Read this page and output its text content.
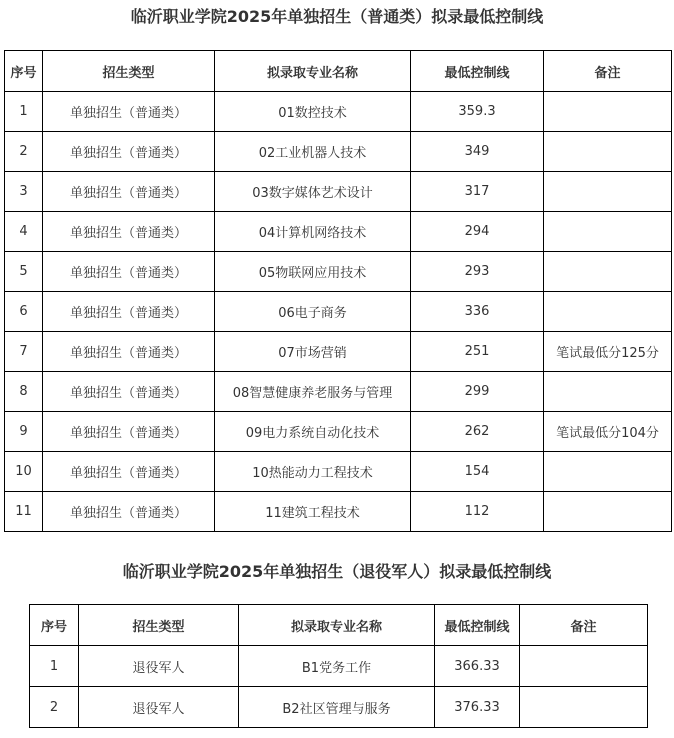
临沂职业学院2025年单独招生（普通类）拟录最低控制线
序号	招生类型	拟录取专业名称	最低控制线	备注
1	单独招生（普通类）	01数控技术	359.3	
2	单独招生（普通类）	02工业机器人技术	349	
3	单独招生（普通类）	03数字媒体艺术设计	317	
4	单独招生（普通类）	04计算机网络技术	294	
5	单独招生（普通类）	05物联网应用技术	293	
6	单独招生（普通类）	06电子商务	336	
7	单独招生（普通类）	07市场营销	251	笔试最低分125分
8	单独招生（普通类）	08智慧健康养老服务与管理	299	
9	单独招生（普通类）	09电力系统自动化技术	262	笔试最低分104分
10	单独招生（普通类）	10热能动力工程技术	154	
11	单独招生（普通类）	11建筑工程技术	112	
临沂职业学院2025年单独招生（退役军人）拟录最低控制线
序号	招生类型	拟录取专业名称	最低控制线	备注
1	退役军人	B1党务工作	366.33	
2	退役军人	B2社区管理与服务	376.33	
